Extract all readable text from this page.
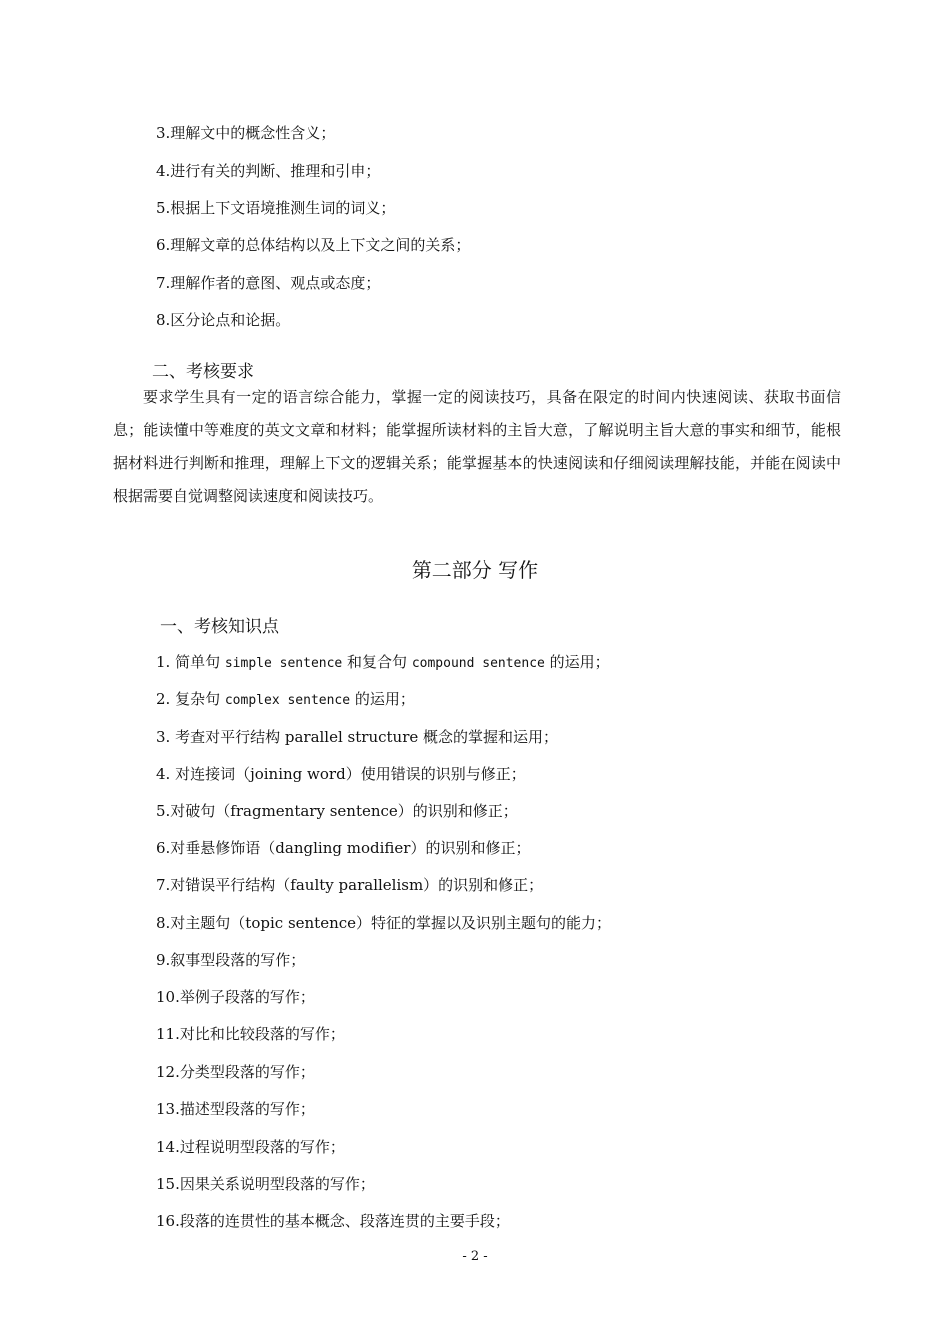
3.理解文中的概念性含义；
4.进行有关的判断、推理和引申；
5.根据上下文语境推测生词的词义；
6.理解文章的总体结构以及上下文之间的关系；
7.理解作者的意图、观点或态度；
8.区分论点和论据。
二、考核要求
要求学生具有一定的语言综合能力，掌握一定的阅读技巧，具备在限定的时间内快速阅读、获取书面信息；能读懂中等难度的英文文章和材料；能掌握所读材料的主旨大意，了解说明主旨大意的事实和细节，能根据材料进行判断和推理，理解上下文的逻辑关系；能掌握基本的快速阅读和仔细阅读理解技能，并能在阅读中根据需要自觉调整阅读速度和阅读技巧。
第二部分 写作
一、考核知识点
1. 简单句 simple sentence 和复合句 compound sentence 的运用；
2. 复杂句 complex sentence 的运用；
3. 考查对平行结构 parallel structure 概念的掌握和运用；
4. 对连接词（joining word）使用错误的识别与修正；
5.对破句（fragmentary sentence）的识别和修正；
6.对垂悬修饰语（dangling modifier）的识别和修正；
7.对错误平行结构（faulty parallelism）的识别和修正；
8.对主题句（topic sentence）特征的掌握以及识别主题句的能力；
9.叙事型段落的写作；
10.举例子段落的写作；
11.对比和比较段落的写作；
12.分类型段落的写作；
13.描述型段落的写作；
14.过程说明型段落的写作；
15.因果关系说明型段落的写作；
16.段落的连贯性的基本概念、段落连贯的主要手段；
- 2 -
